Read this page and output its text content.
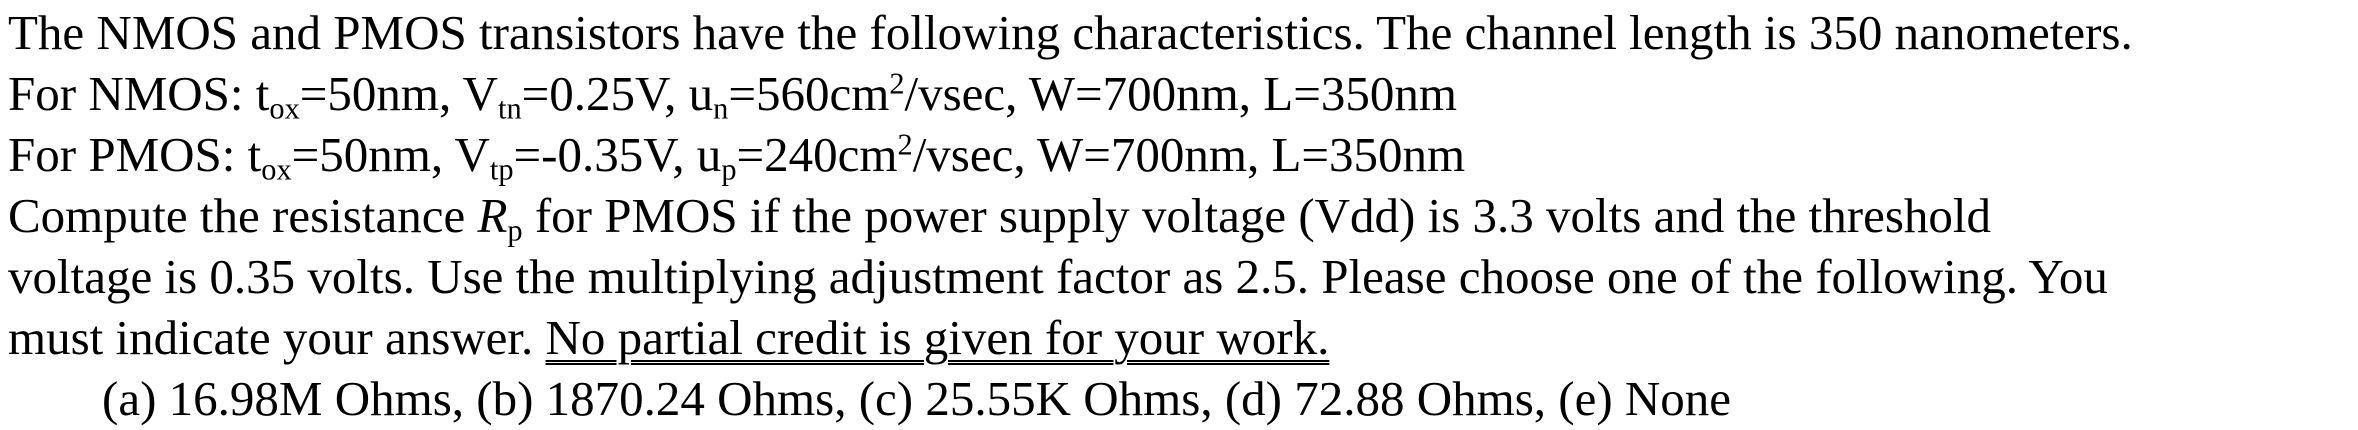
The NMOS and PMOS transistors have the following characteristics. The channel length is 350 nanometers.
For NMOS: $t_{ox}=50nm$, $V_{tn}=0.25V$, $u_n=560cm^2$/vsec, W=700nm, L=350nm
For PMOS: $t_{ox}=50nm$, $V_{tp}=-0.35V$, $u_p=240cm^2$/vsec, W=700nm, L=350nm
Compute the resistance $R_p$ for PMOS if the power supply voltage (Vdd) is 3.3 volts and the threshold
voltage is 0.35 volts. Use the multiplying adjustment factor as 2.5. Please choose one of the following. You
must indicate your answer. No partial credit is given for your work.
(a) 16.98M Ohms, (b) 1870.24 Ohms, (c) 25.55K Ohms, (d) 72.88 Ohms, (e) None
